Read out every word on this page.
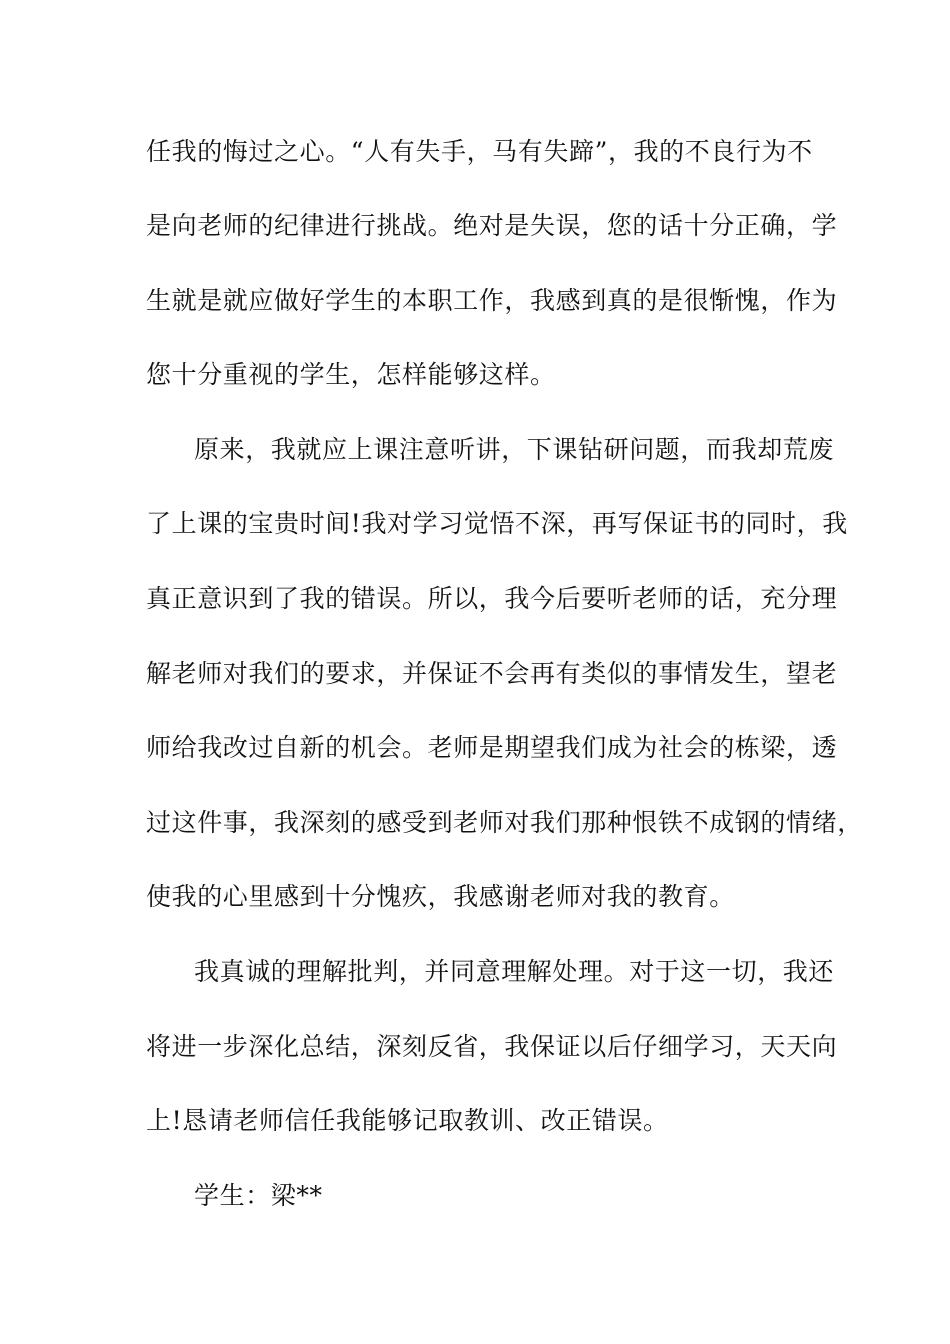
任我的悔过之心。“人有失手，马有失蹄”，我的不良行为不
是向老师的纪律进行挑战。绝对是失误，您的话十分正确，学
生就是就应做好学生的本职工作，我感到真的是很惭愧，作为
您十分重视的学生，怎样能够这样。
原来，我就应上课注意听讲，下课钻研问题，而我却荒废
了上课的宝贵时间!我对学习觉悟不深，再写保证书的同时，我
真正意识到了我的错误。所以，我今后要听老师的话，充分理
解老师对我们的要求，并保证不会再有类似的事情发生，望老
师给我改过自新的机会。老师是期望我们成为社会的栋梁，透
过这件事，我深刻的感受到老师对我们那种恨铁不成钢的情绪，
使我的心里感到十分愧疚，我感谢老师对我的教育。
我真诚的理解批判，并同意理解处理。对于这一切，我还
将进一步深化总结，深刻反省，我保证以后仔细学习，天天向
上!恳请老师信任我能够记取教训、改正错误。
学生：梁**
